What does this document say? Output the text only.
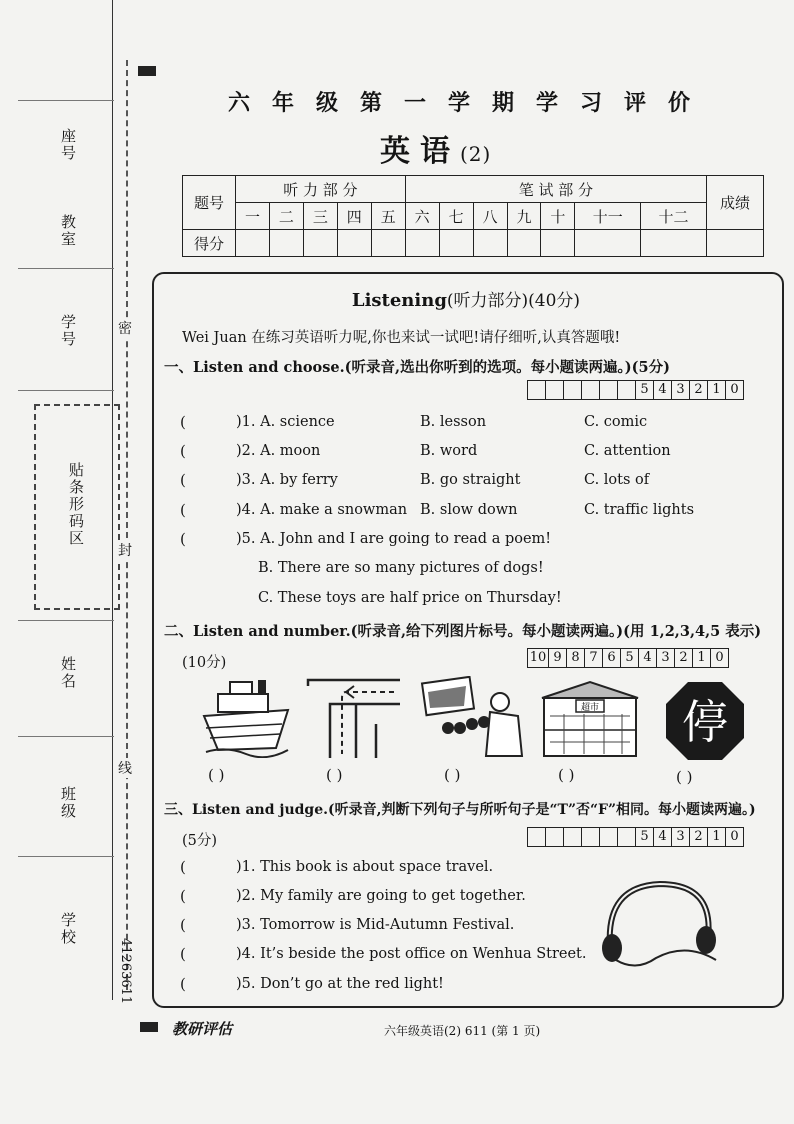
座号
教室
学号
贴条形码区
姓名
班级
学校
41263611
密
封
线
六年级第一学期学习评价
英语(2)
题号	听 力 部 分					笔 试 部 分							成绩
	一	二	三	四	五	六	七	八	九	十	十一	十二	
得分													
Listening(听力部分)(40分)
Wei Juan 在练习英语听力呢,你也来试一试吧!请仔细听,认真答题哦!
一、Listen and choose.(听录音,选出你听到的选项。每小题读两遍。)(5分)
5 4 3 2 1 0
(	)1. A. science	B. lesson	C. comic
(	)2. A. moon	B. word	C. attention
(	)3. A. by ferry	B. go straight	C. lots of
(	)4. A. make a snowman B. slow down	C. traffic lights
(	)5. A. John and I are going to read a poem!
B. There are so many pictures of dogs!
C. These toys are half price on Thursday!
二、Listen and number.(听录音,给下列图片标号。每小题读两遍。)(用 1,2,3,4,5 表示)
(10分)	10 9 8 7 6 5 4 3 2 1 0
超市 停
( )	( )	( )	( )	( )
三、Listen and judge.(听录音,判断下列句子与所听句子是“T”否“F”相同。每小题读两遍。)
(5分)	5 4 3 2 1 0
(	)1. This book is about space travel.
(	)2. My family are going to get together.
(	)3. Tomorrow is Mid-Autumn Festival.
(	)4. It’s beside the post office on Wenhua Street.
(	)5. Don’t go at the red light!
教研评估	六年级英语(2) 611 (第 1 页)
